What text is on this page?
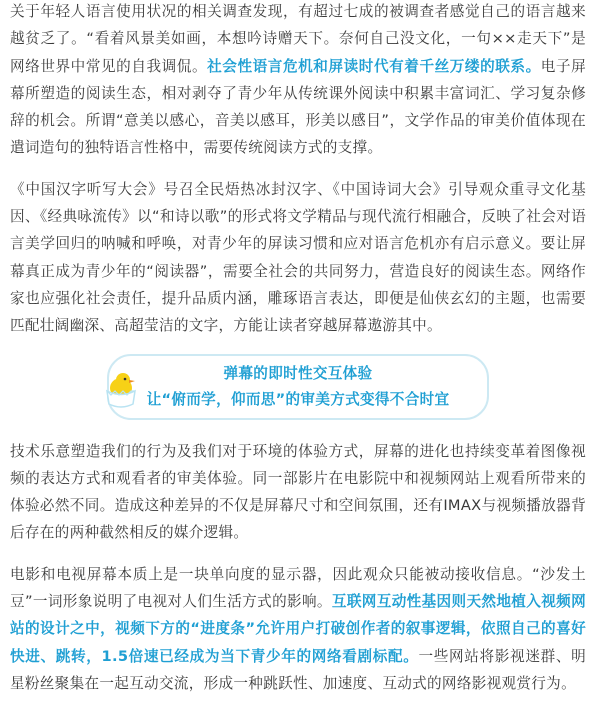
关于年轻人语言使用状况的相关调查发现，有超过七成的被调查者感觉自己的语言越来越贫乏了。“看着风景美如画，本想吟诗赠天下。奈何自己没文化，一句××走天下”是网络世界中常见的自我调侃。社会性语言危机和屏读时代有着千丝万缕的联系。电子屏幕所塑造的阅读生态，相对剥夺了青少年从传统课外阅读中积累丰富词汇、学习复杂修辞的机会。所谓“意美以感心，音美以感耳，形美以感目”，文学作品的审美价值体现在遣词造句的独特语言性格中，需要传统阅读方式的支撑。

《中国汉字听写大会》号召全民焐热冰封汉字、《中国诗词大会》引导观众重寻文化基因、《经典咏流传》以“和诗以歌”的形式将文学精品与现代流行相融合，反映了社会对语言美学回归的呐喊和呼唤，对青少年的屏读习惯和应对语言危机亦有启示意义。要让屏幕真正成为青少年的“阅读器”，需要全社会的共同努力，营造良好的阅读生态。网络作家也应强化社会责任，提升品质内涵，雕琢语言表达，即便是仙侠玄幻的主题，也需要匹配壮阔幽深、高超莹洁的文字，方能让读者穿越屏幕遨游其中。

弹幕的即时性交互体验
让“俯而学，仰而思”的审美方式变得不合时宜

技术乐意塑造我们的行为及我们对于环境的体验方式，屏幕的进化也持续变革着图像视频的表达方式和观看者的审美体验。同一部影片在电影院中和视频网站上观看所带来的体验必然不同。造成这种差异的不仅是屏幕尺寸和空间氛围，还有IMAX与视频播放器背后存在的两种截然相反的媒介逻辑。

电影和电视屏幕本质上是一块单向度的显示器，因此观众只能被动接收信息。“沙发土豆”一词形象说明了电视对人们生活方式的影响。互联网互动性基因则天然地植入视频网站的设计之中，视频下方的“进度条”允许用户打破创作者的叙事逻辑，依照自己的喜好快进、跳转，1.5倍速已经成为当下青少年的网络看剧标配。一些网站将影视迷群、明星粉丝聚集在一起互动交流，形成一种跳跃性、加速度、互动式的网络影视观赏行为。
